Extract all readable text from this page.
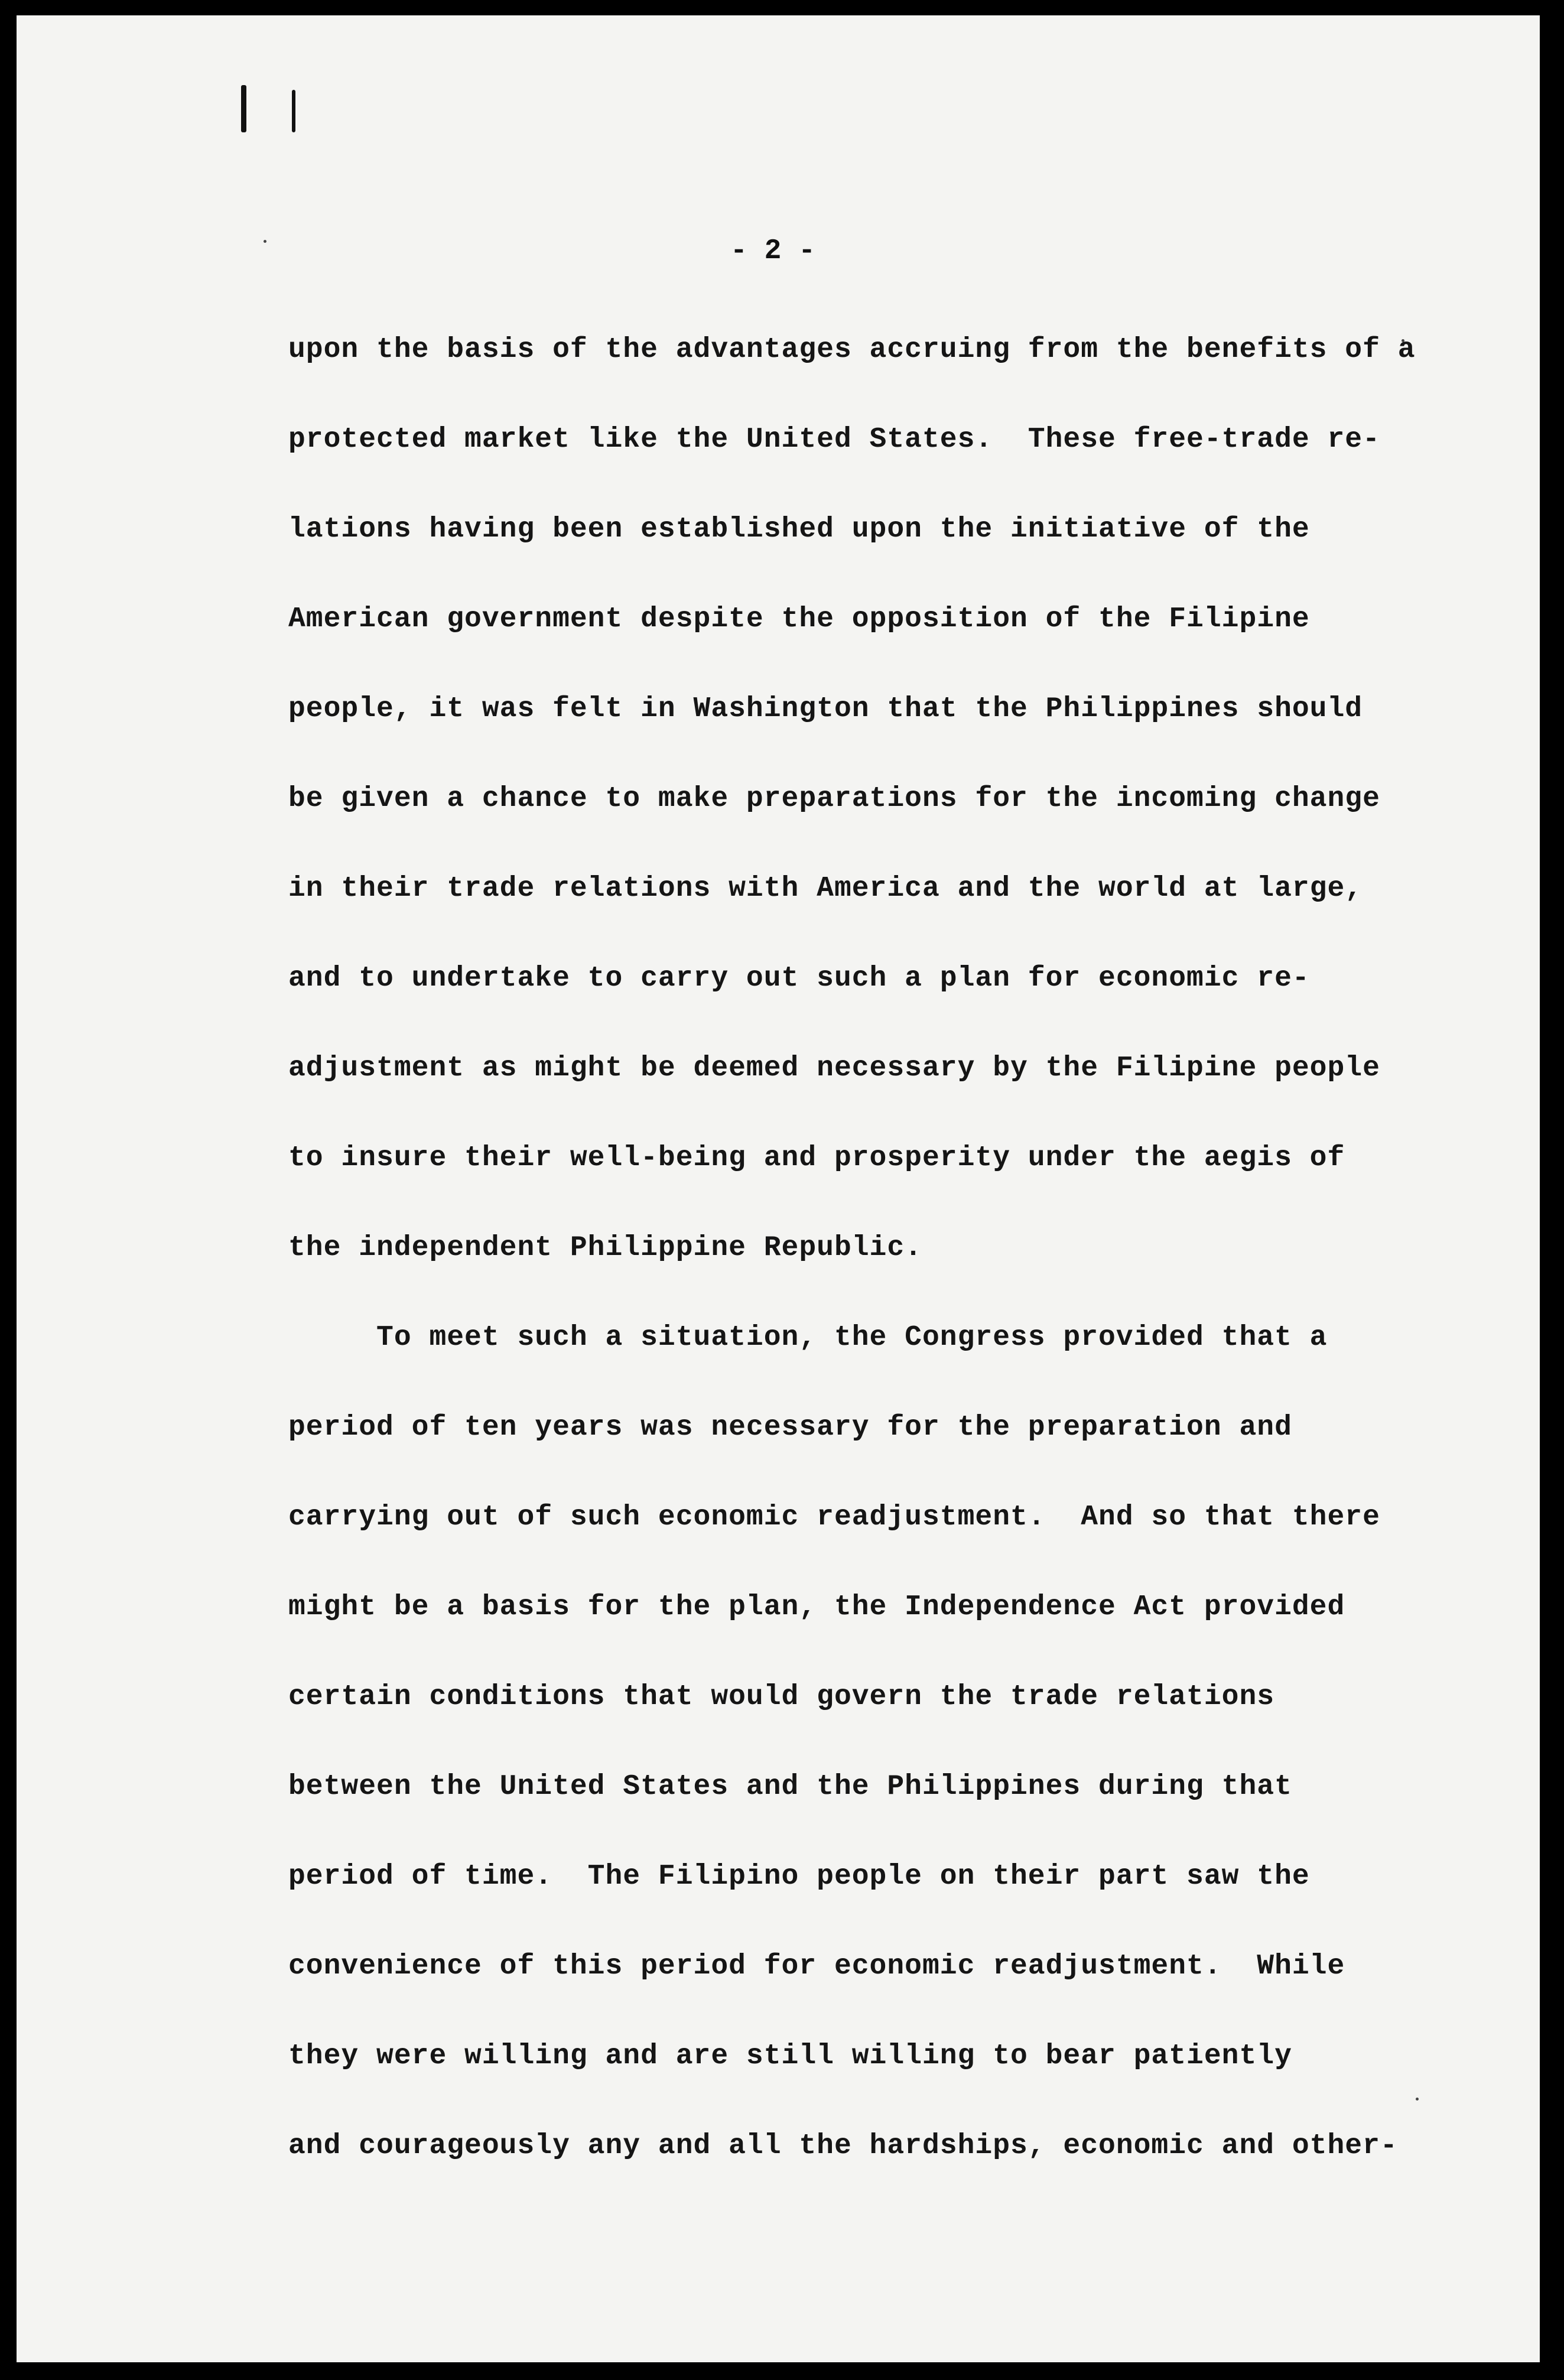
- 2 -
upon the basis of the advantages accruing from the benefits of a
protected market like the United States.  These free-trade re-
lations having been established upon the initiative of the
American government despite the opposition of the Filipine
people, it was felt in Washington that the Philippines should
be given a chance to make preparations for the incoming change
in their trade relations with America and the world at large,
and to undertake to carry out such a plan for economic re-
adjustment as might be deemed necessary by the Filipine people
to insure their well-being and prosperity under the aegis of
the independent Philippine Republic.
To meet such a situation, the Congress provided that a
period of ten years was necessary for the preparation and
carrying out of such economic readjustment.  And so that there
might be a basis for the plan, the Independence Act provided
certain conditions that would govern the trade relations
between the United States and the Philippines during that
period of time.  The Filipino people on their part saw the
convenience of this period for economic readjustment.  While
they were willing and are still willing to bear patiently
and courageously any and all the hardships, economic and other-
